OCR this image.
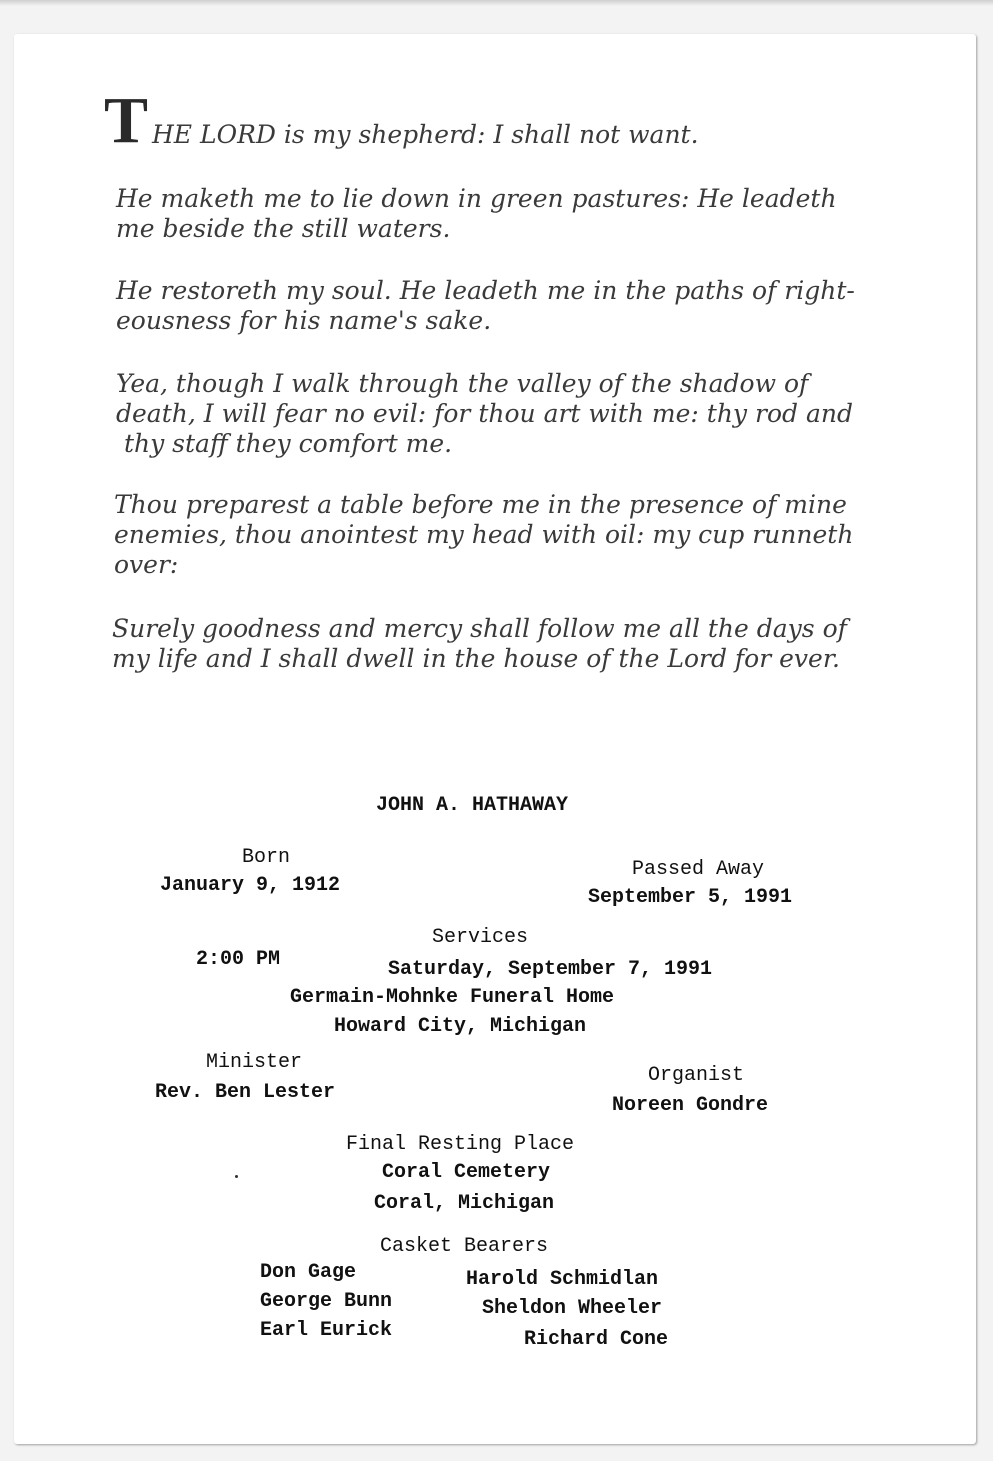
T HE LORD is my shepherd: I shall not want.
He maketh me to lie down in green pastures: He leadeth
me beside the still waters.
He restoreth my soul. He leadeth me in the paths of right-
eousness for his name's sake.
Yea, though I walk through the valley of the shadow of
death, I will fear no evil: for thou art with me: thy rod and
thy staff they comfort me.
Thou preparest a table before me in the presence of mine
enemies, thou anointest my head with oil: my cup runneth
over:
Surely goodness and mercy shall follow me all the days of
my life and I shall dwell in the house of the Lord for ever.
JOHN A. HATHAWAY
Born
January 9, 1912
Passed Away
September 5, 1991
Services
2:00 PM	Saturday, September 7, 1991
Germain-Mohnke Funeral Home
Howard City, Michigan
Minister
Rev. Ben Lester
Organist
Noreen Gondre
Final Resting Place
Coral Cemetery
Coral, Michigan
Casket Bearers
Don Gage
George Bunn
Earl Eurick
Harold Schmidlan
Sheldon Wheeler
Richard Cone
